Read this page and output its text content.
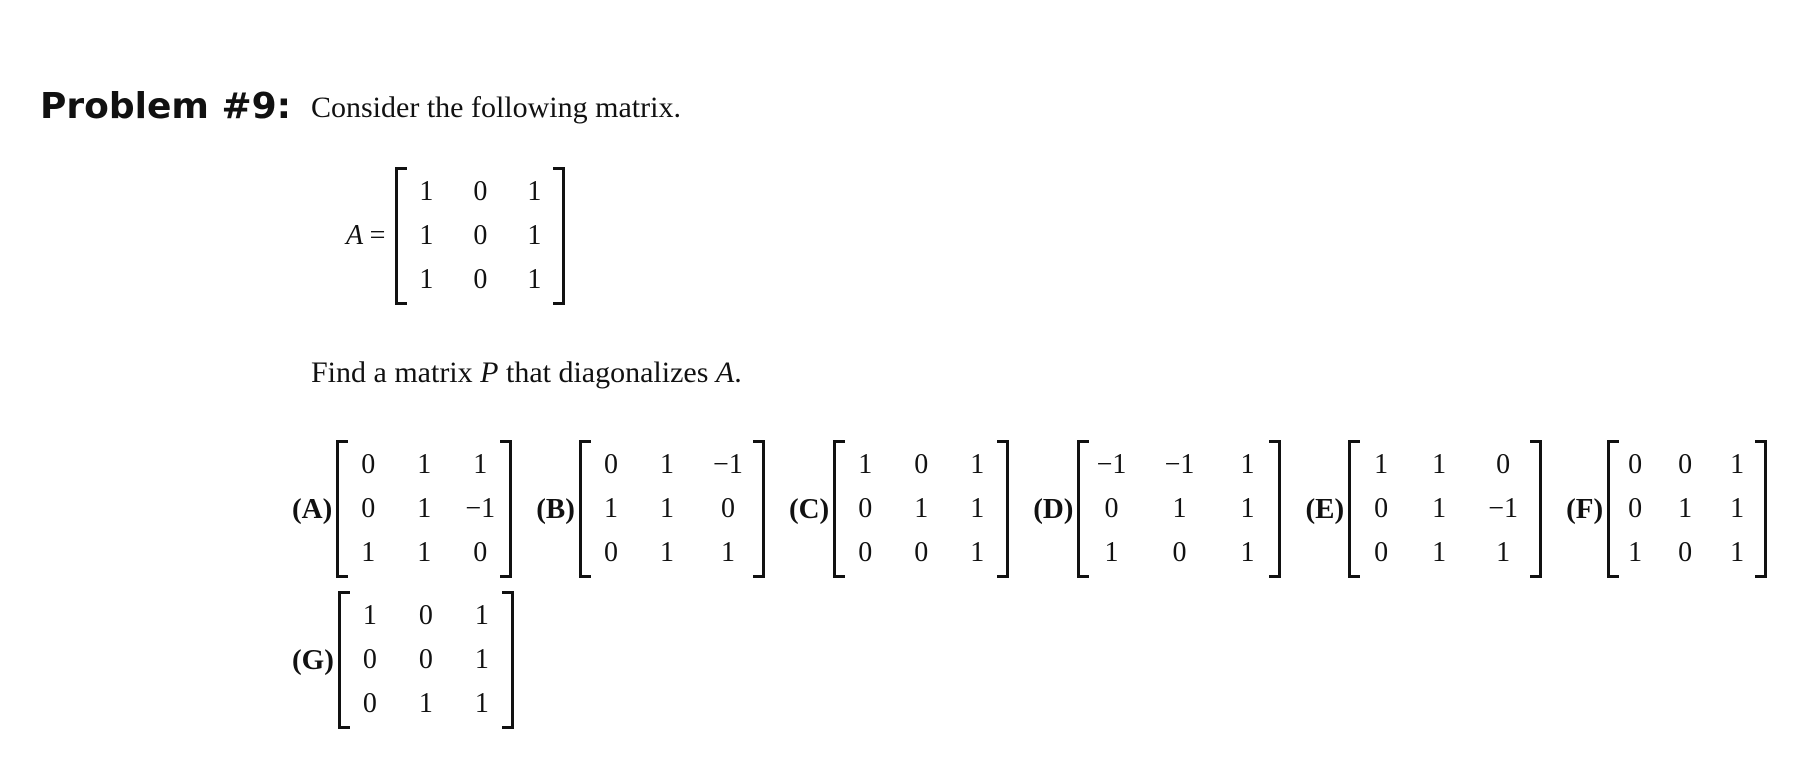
Problem #9: Consider the following matrix.
A =
1	0	1
1	0	1
1	0	1
Find a matrix P that diagonalizes A.
(A)
0	1	1
0	1	−1
1	1	0
(B)
0	1	−1
1	1	0
0	1	1
(C)
1	0	1
0	1	1
0	0	1
(D)
−1	−1	1
0	1	1
1	0	1
(E)
1	1	0
0	1	−1
0	1	1
(F)
0	0	1
0	1	1
1	0	1
(G)
1	0	1
0	0	1
0	1	1
